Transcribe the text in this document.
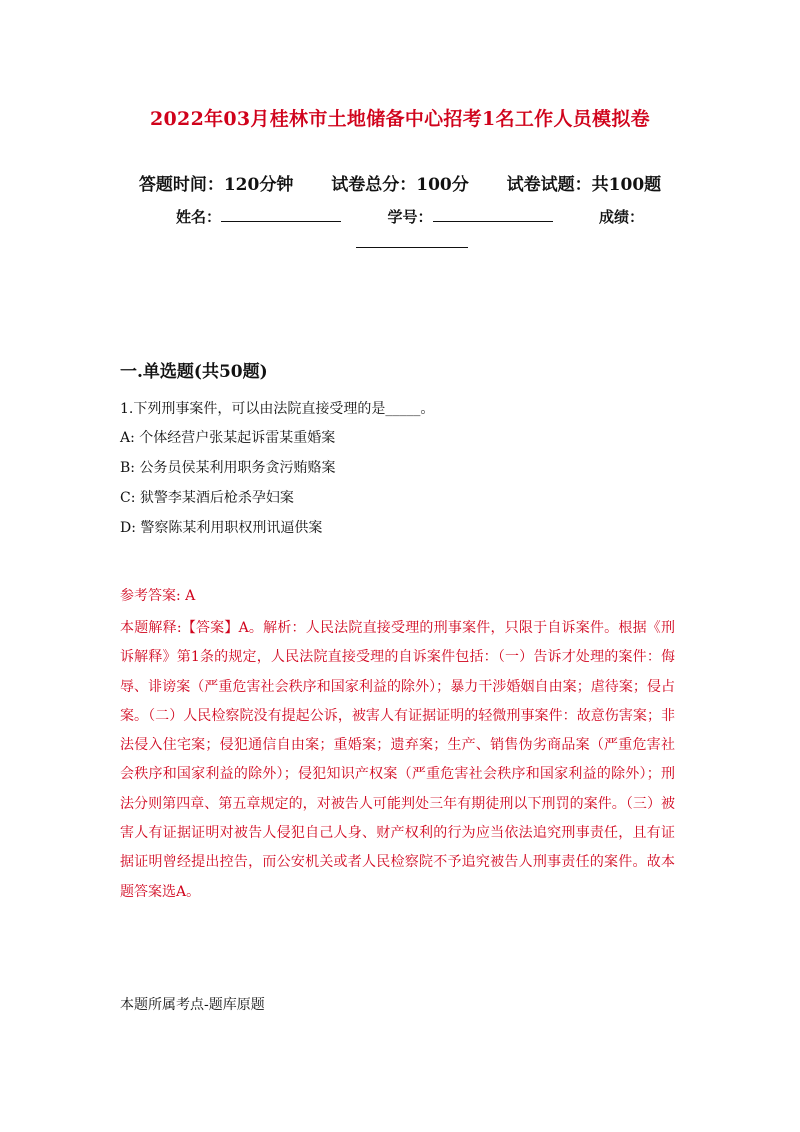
2022年03月桂林市土地储备中心招考1名工作人员模拟卷
答题时间：120分钟 试卷总分：100分 试卷试题：共100题
姓名：	学号：	成绩：

一.单选题(共50题)
1.下列刑事案件，可以由法院直接受理的是_____。
A: 个体经营户张某起诉雷某重婚案
B: 公务员侯某利用职务贪污贿赂案
C: 狱警李某酒后枪杀孕妇案
D: 警察陈某利用职权刑讯逼供案
参考答案: A
本题解释:【答案】A。解析：人民法院直接受理的刑事案件，只限于自诉案件。根据《刑诉解释》第1条的规定，人民法院直接受理的自诉案件包括：（一）告诉才处理的案件：侮辱、诽谤案（严重危害社会秩序和国家利益的除外）；暴力干涉婚姻自由案；虐待案；侵占案。（二）人民检察院没有提起公诉，被害人有证据证明的轻微刑事案件：故意伤害案；非法侵入住宅案；侵犯通信自由案；重婚案；遗弃案；生产、销售伪劣商品案（严重危害社会秩序和国家利益的除外）；侵犯知识产权案（严重危害社会秩序和国家利益的除外）；刑法分则第四章、第五章规定的，对被告人可能判处三年有期徒刑以下刑罚的案件。（三）被害人有证据证明对被告人侵犯自己人身、财产权利的行为应当依法追究刑事责任，且有证据证明曾经提出控告，而公安机关或者人民检察院不予追究被告人刑事责任的案件。故本题答案选A。
本题所属考点-题库原题
